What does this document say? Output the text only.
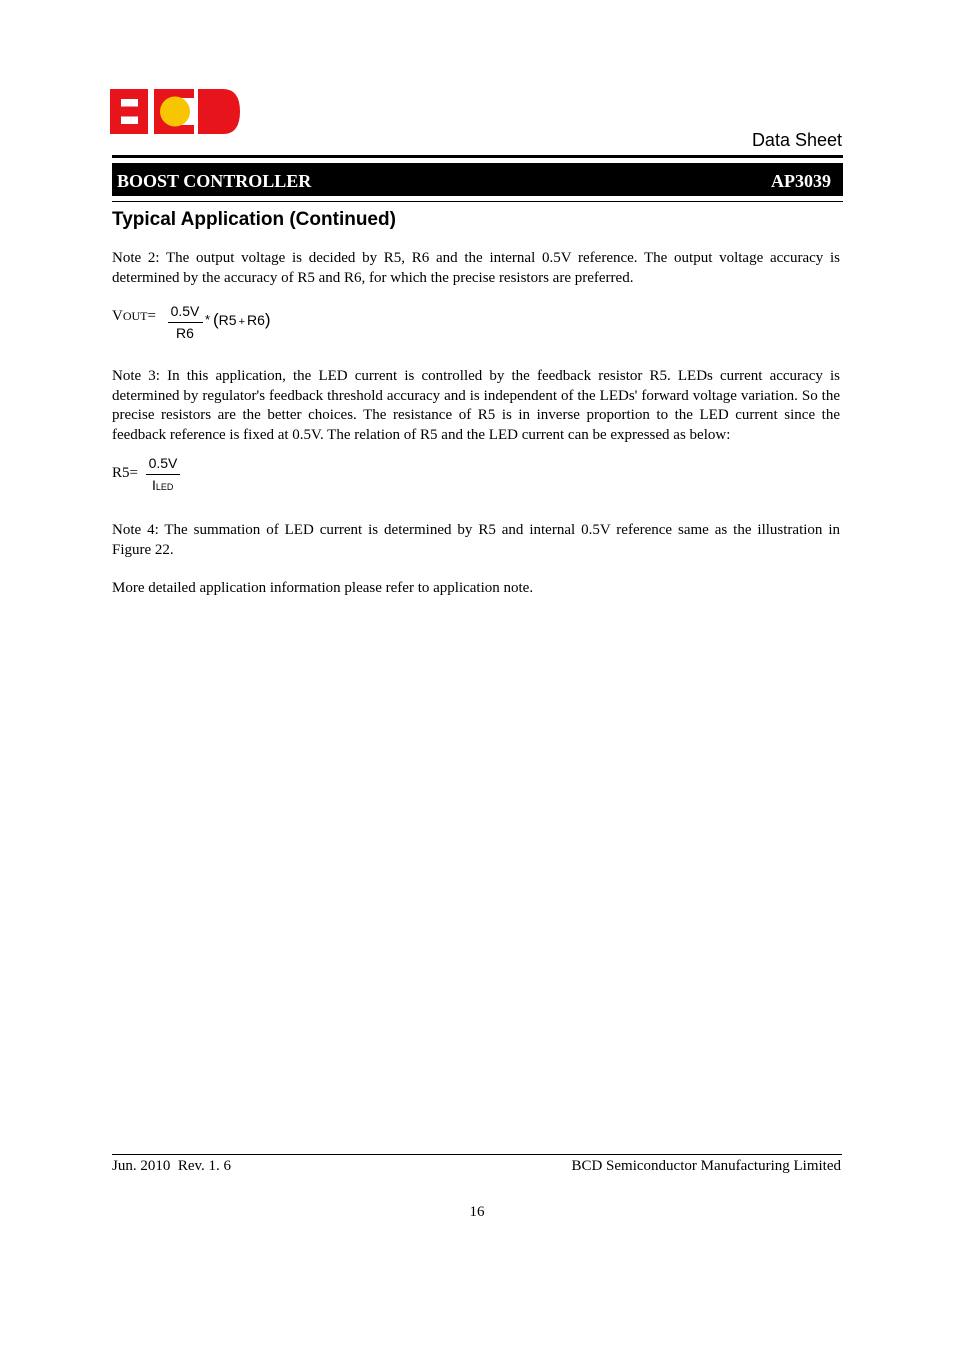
Data Sheet
BOOST CONTROLLER	AP3039
Typical Application (Continued)
Note 2: The output voltage is decided by R5, R6 and the internal 0.5V reference. The output voltage accuracy is determined by the accuracy of R5 and R6, for which the precise resistors are preferred.
VOUT= 0.5V
R6
* (R5 + R6)
Note 3: In this application, the LED current is controlled by the feedback resistor R5. LEDs current accuracy is determined by regulator's feedback threshold accuracy and is independent of the LEDs' forward voltage variation. So the precise resistors are the better choices. The resistance of R5 is in inverse proportion to the LED current since the feedback reference is fixed at 0.5V. The relation of R5 and the LED current can be expressed as below:
R5=
0.5V
ILED
Note 4: The summation of LED current is determined by R5 and internal 0.5V reference same as the illustration in Figure 22.
More detailed application information please refer to application note.
Jun. 2010  Rev. 1. 6	BCD Semiconductor Manufacturing Limited
16
